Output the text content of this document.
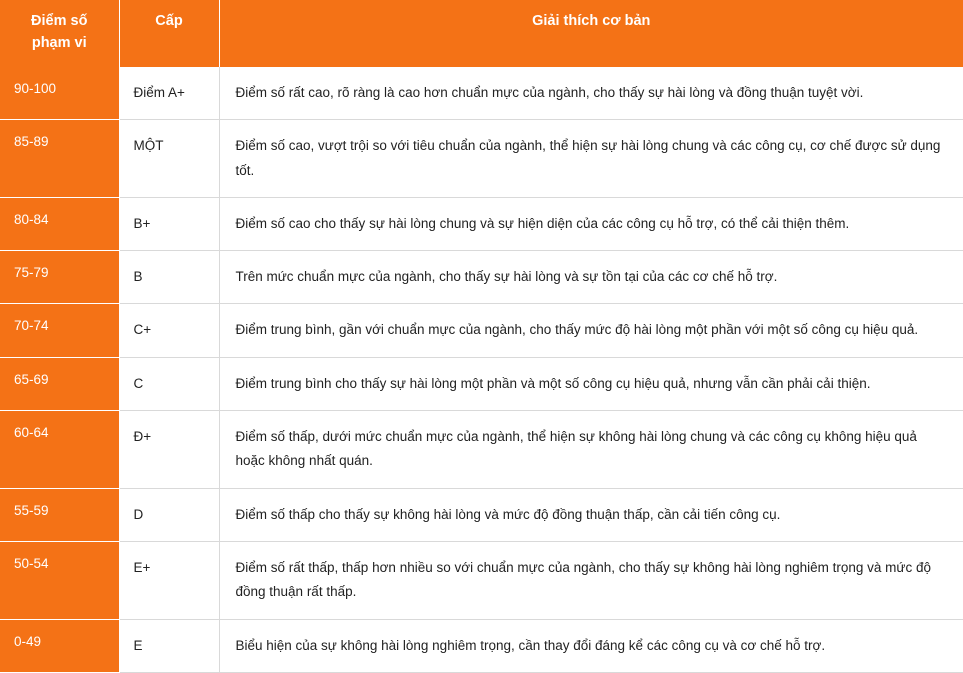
Điểm số
phạm vi	Cấp	Giải thích cơ bản
90-100	Điểm A+	Điểm số rất cao, rõ ràng là cao hơn chuẩn mực của ngành, cho thấy sự hài lòng và đồng thuận tuyệt vời.
85-89	MỘT	Điểm số cao, vượt trội so với tiêu chuẩn của ngành, thể hiện sự hài lòng chung và các công cụ, cơ chế được sử dụng tốt.
80-84	B+	Điểm số cao cho thấy sự hài lòng chung và sự hiện diện của các công cụ hỗ trợ, có thể cải thiện thêm.
75-79	B	Trên mức chuẩn mực của ngành, cho thấy sự hài lòng và sự tồn tại của các cơ chế hỗ trợ.
70-74	C+	Điểm trung bình, gần với chuẩn mực của ngành, cho thấy mức độ hài lòng một phần với một số công cụ hiệu quả.
65-69	C	Điểm trung bình cho thấy sự hài lòng một phần và một số công cụ hiệu quả, nhưng vẫn cần phải cải thiện.
60-64	Đ+	Điểm số thấp, dưới mức chuẩn mực của ngành, thể hiện sự không hài lòng chung và các công cụ không hiệu quả hoặc không nhất quán.
55-59	D	Điểm số thấp cho thấy sự không hài lòng và mức độ đồng thuận thấp, cần cải tiến công cụ.
50-54	E+	Điểm số rất thấp, thấp hơn nhiều so với chuẩn mực của ngành, cho thấy sự không hài lòng nghiêm trọng và mức độ đồng thuận rất thấp.
0-49	E	Biểu hiện của sự không hài lòng nghiêm trọng, cần thay đổi đáng kể các công cụ và cơ chế hỗ trợ.
